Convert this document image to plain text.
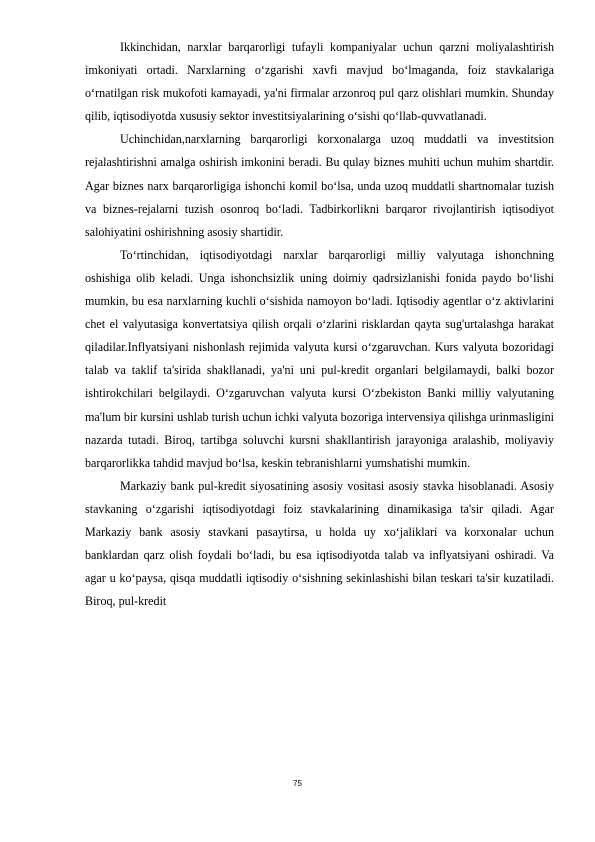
Ikkinchidan, narxlar barqarorligi tufayli kompaniyalar uchun qarzni moliyalashtirish imkoniyati ortadi. Narxlarning o‘zgarishi xavfi mavjud bo‘lmaganda, foiz stavkalariga o‘rnatilgan risk mukofoti kamayadi, ya'ni firmalar arzonroq pul qarz olishlari mumkin. Shunday qilib, iqtisodiyotda xususiy sektor investitsiyalarining o‘sishi qo‘llab-quvvatlanadi.

Uchinchidan,narxlarning barqarorligi korxonalarga uzoq muddatli va investitsion rejalashtirishni amalga oshirish imkonini beradi. Bu qulay biznes muhiti uchun muhim shartdir. Agar biznes narx barqarorligiga ishonchi komil bo‘lsa, unda uzoq muddatli shartnomalar tuzish va biznes-rejalarni tuzish osonroq bo‘ladi. Tadbirkorlikni barqaror rivojlantirish iqtisodiyot salohiyatini oshirishning asosiy shartidir.

To‘rtinchidan, iqtisodiyotdagi narxlar barqarorligi milliy valyutaga ishonchning oshishiga olib keladi. Unga ishonchsizlik uning doimiy qadrsizlanishi fonida paydo bo‘lishi mumkin, bu esa narxlarning kuchli o‘sishida namoyon bo‘ladi. Iqtisodiy agentlar o‘z aktivlarini chet el valyutasiga konvertatsiya qilish orqali o‘zlarini risklardan qayta sug'urtalashga harakat qiladilar.Inflyatsiyani nishonlash rejimida valyuta kursi o‘zgaruvchan. Kurs valyuta bozoridagi talab va taklif ta'sirida shakllanadi, ya'ni uni pul-kredit organlari belgilamaydi, balki bozor ishtirokchilari belgilaydi. O‘zgaruvchan valyuta kursi O‘zbekiston Banki milliy valyutaning ma'lum bir kursini ushlab turish uchun ichki valyuta bozoriga intervensiya qilishga urinmasligini nazarda tutadi. Biroq, tartibga soluvchi kursni shakllantirish jarayoniga aralashib, moliyaviy barqarorlikka tahdid mavjud bo‘lsa, keskin tebranishlarni yumshatishi mumkin.

Markaziy bank pul-kredit siyosatining asosiy vositasi asosiy stavka hisoblanadi. Asosiy stavkaning o‘zgarishi iqtisodiyotdagi foiz stavkalarining dinamikasiga ta'sir qiladi. Agar Markaziy bank asosiy stavkani pasaytirsa, u holda uy xo‘jaliklari va korxonalar uchun banklardan qarz olish foydali bo‘ladi, bu esa iqtisodiyotda talab va inflyatsiyani oshiradi. Va agar u ko‘paysa, qisqa muddatli iqtisodiy o‘sishning sekinlashishi bilan teskari ta'sir kuzatiladi. Biroq, pul-kredit

75
